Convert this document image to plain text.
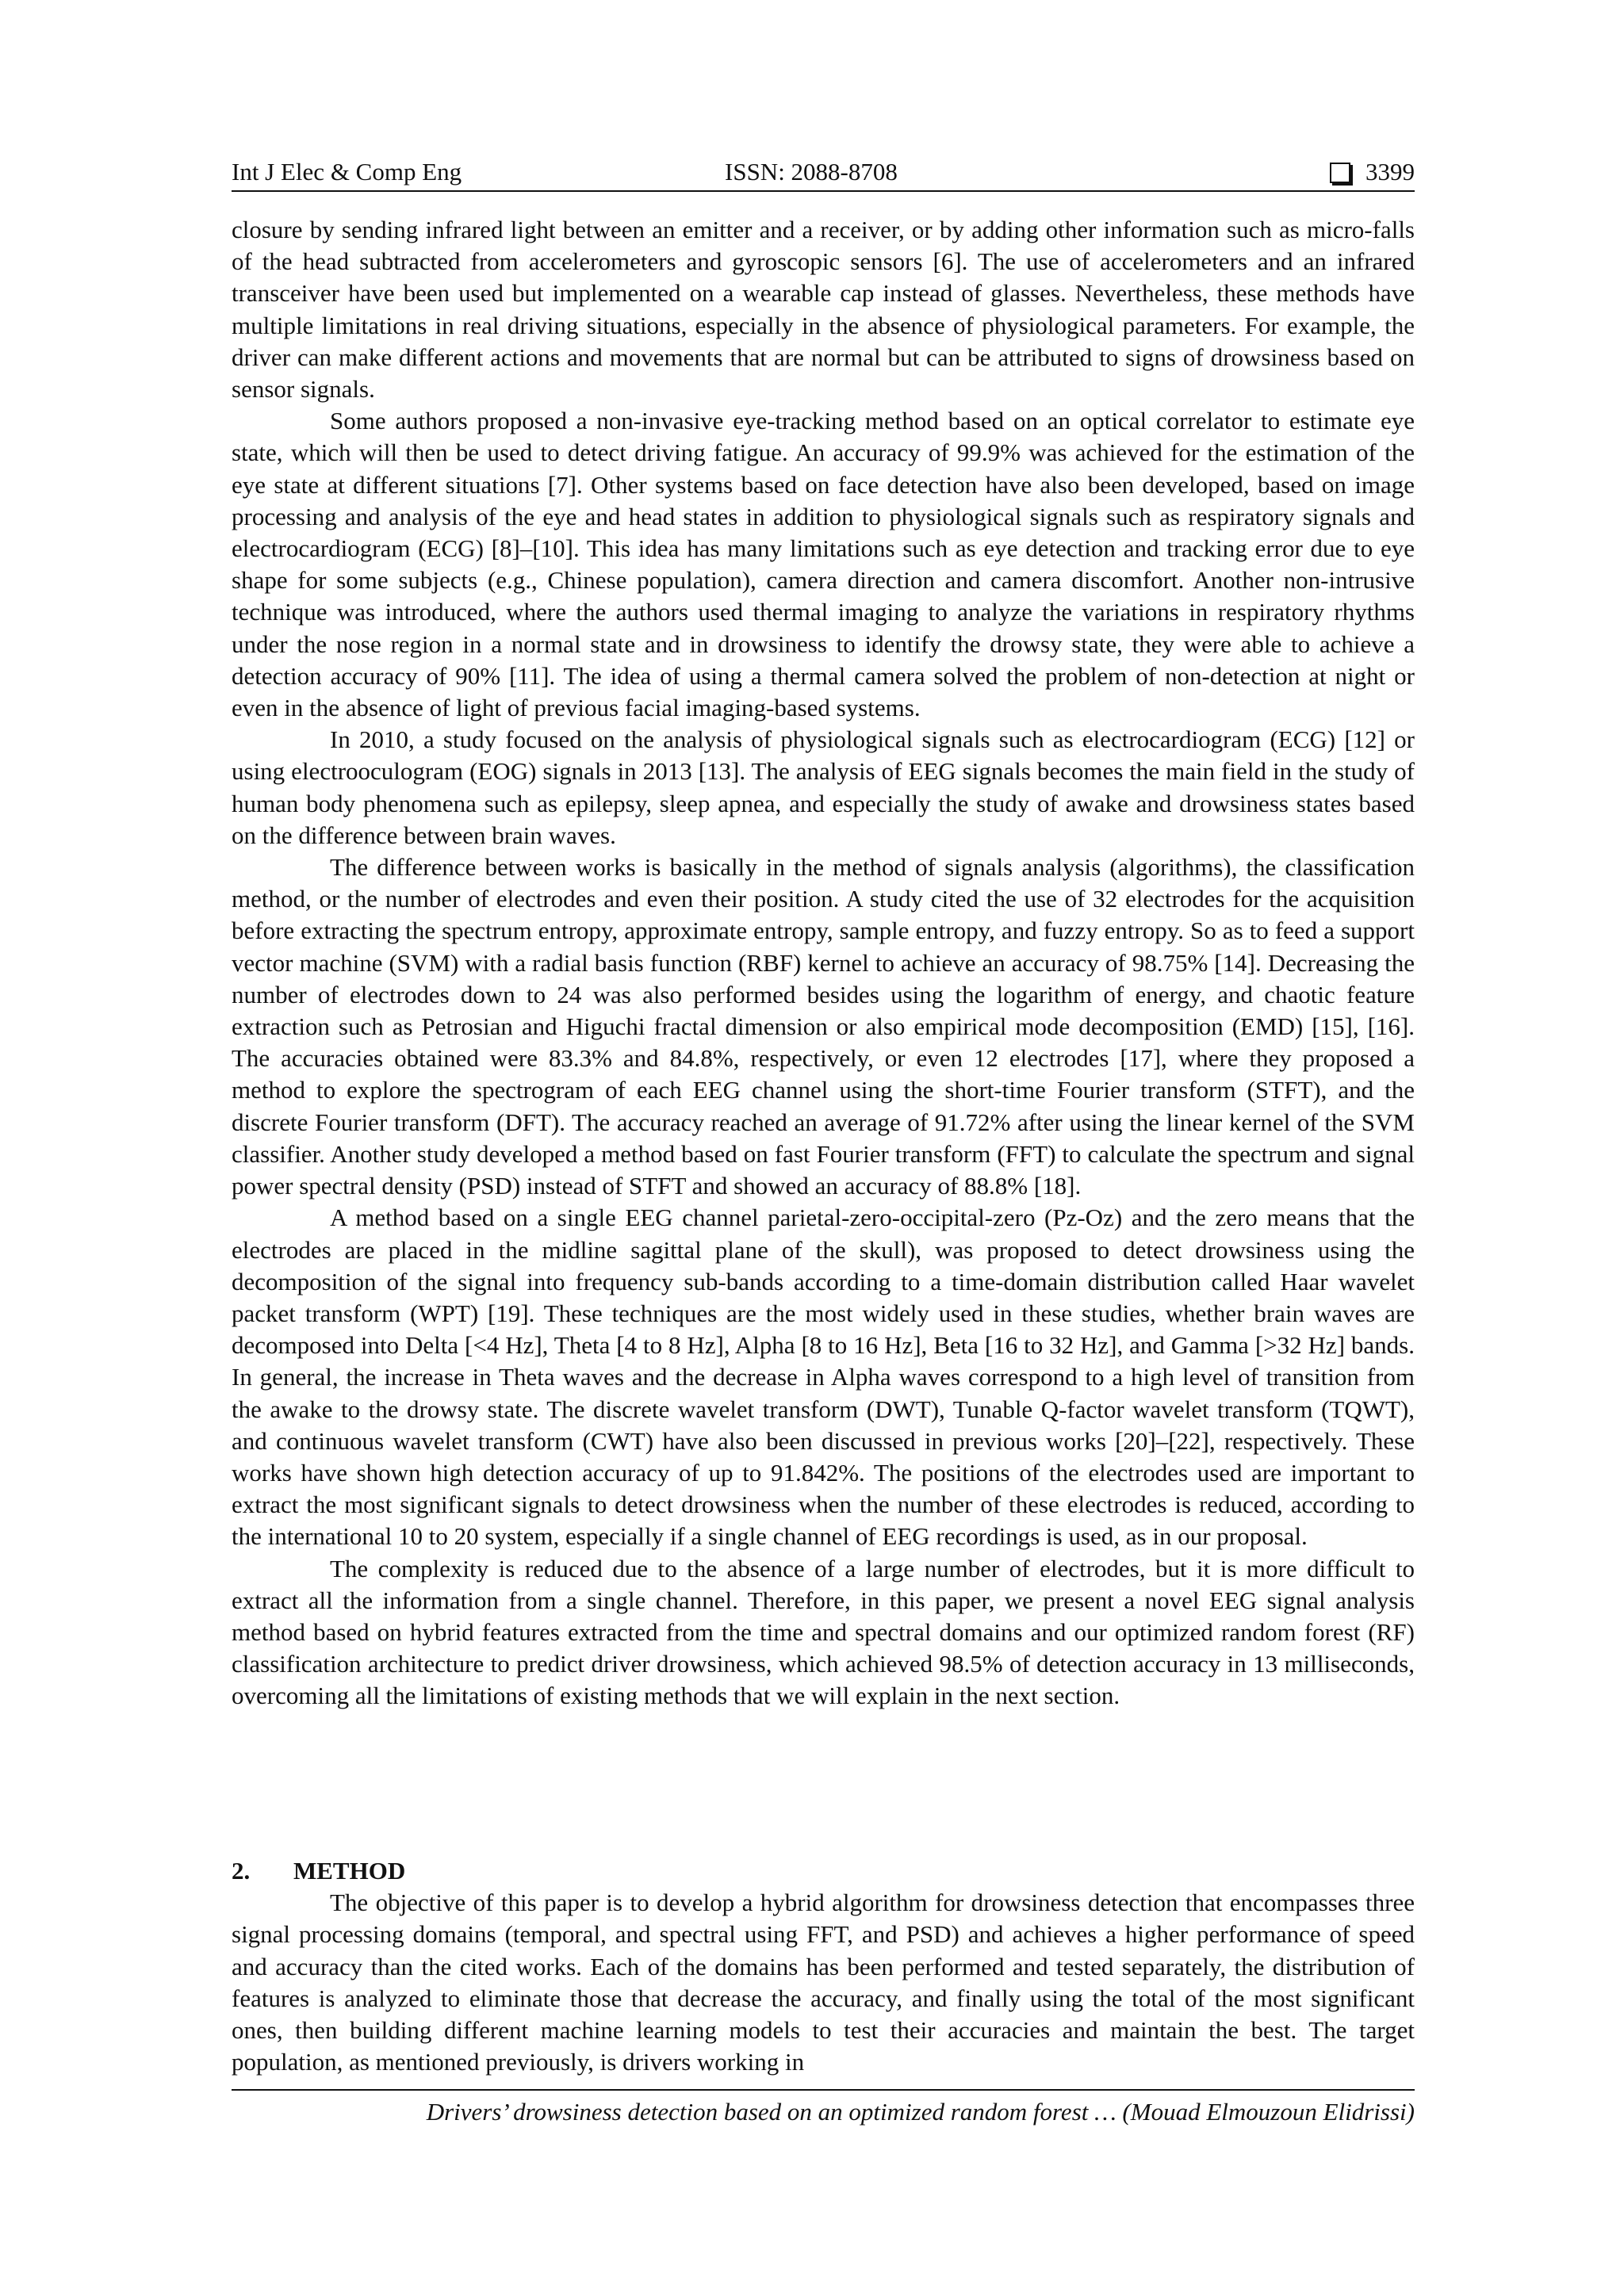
Int J Elec & Comp Eng	ISSN: 2088-8708	3399

closure by sending infrared light between an emitter and a receiver, or by adding other information such as micro-falls of the head subtracted from accelerometers and gyroscopic sensors [6]. The use of accelerometers and an infrared transceiver have been used but implemented on a wearable cap instead of glasses. Nevertheless, these methods have multiple limitations in real driving situations, especially in the absence of physiological parameters. For example, the driver can make different actions and movements that are normal but can be attributed to signs of drowsiness based on sensor signals.

Some authors proposed a non-invasive eye-tracking method based on an optical correlator to estimate eye state, which will then be used to detect driving fatigue. An accuracy of 99.9% was achieved for the estimation of the eye state at different situations [7]. Other systems based on face detection have also been developed, based on image processing and analysis of the eye and head states in addition to physiological signals such as respiratory signals and electrocardiogram (ECG) [8]–[10]. This idea has many limitations such as eye detection and tracking error due to eye shape for some subjects (e.g., Chinese population), camera direction and camera discomfort. Another non-intrusive technique was introduced, where the authors used thermal imaging to analyze the variations in respiratory rhythms under the nose region in a normal state and in drowsiness to identify the drowsy state, they were able to achieve a detection accuracy of 90% [11]. The idea of using a thermal camera solved the problem of non-detection at night or even in the absence of light of previous facial imaging-based systems.

In 2010, a study focused on the analysis of physiological signals such as electrocardiogram (ECG) [12] or using electrooculogram (EOG) signals in 2013 [13]. The analysis of EEG signals becomes the main field in the study of human body phenomena such as epilepsy, sleep apnea, and especially the study of awake and drowsiness states based on the difference between brain waves.

The difference between works is basically in the method of signals analysis (algorithms), the classification method, or the number of electrodes and even their position. A study cited the use of 32 electrodes for the acquisition before extracting the spectrum entropy, approximate entropy, sample entropy, and fuzzy entropy. So as to feed a support vector machine (SVM) with a radial basis function (RBF) kernel to achieve an accuracy of 98.75% [14]. Decreasing the number of electrodes down to 24 was also performed besides using the logarithm of energy, and chaotic feature extraction such as Petrosian and Higuchi fractal dimension or also empirical mode decomposition (EMD) [15], [16]. The accuracies obtained were 83.3% and 84.8%, respectively, or even 12 electrodes [17], where they proposed a method to explore the spectrogram of each EEG channel using the short-time Fourier transform (STFT), and the discrete Fourier transform (DFT). The accuracy reached an average of 91.72% after using the linear kernel of the SVM classifier. Another study developed a method based on fast Fourier transform (FFT) to calculate the spectrum and signal power spectral density (PSD) instead of STFT and showed an accuracy of 88.8% [18].

A method based on a single EEG channel parietal-zero-occipital-zero (Pz-Oz) and the zero means that the electrodes are placed in the midline sagittal plane of the skull), was proposed to detect drowsiness using the decomposition of the signal into frequency sub-bands according to a time-domain distribution called Haar wavelet packet transform (WPT) [19]. These techniques are the most widely used in these studies, whether brain waves are decomposed into Delta [<4 Hz], Theta [4 to 8 Hz], Alpha [8 to 16 Hz], Beta [16 to 32 Hz], and Gamma [>32 Hz] bands. In general, the increase in Theta waves and the decrease in Alpha waves correspond to a high level of transition from the awake to the drowsy state. The discrete wavelet transform (DWT), Tunable Q-factor wavelet transform (TQWT), and continuous wavelet transform (CWT) have also been discussed in previous works [20]–[22], respectively. These works have shown high detection accuracy of up to 91.842%. The positions of the electrodes used are important to extract the most significant signals to detect drowsiness when the number of these electrodes is reduced, according to the international 10 to 20 system, especially if a single channel of EEG recordings is used, as in our proposal.

The complexity is reduced due to the absence of a large number of electrodes, but it is more difficult to extract all the information from a single channel. Therefore, in this paper, we present a novel EEG signal analysis method based on hybrid features extracted from the time and spectral domains and our optimized random forest (RF) classification architecture to predict driver drowsiness, which achieved 98.5% of detection accuracy in 13 milliseconds, overcoming all the limitations of existing methods that we will explain in the next section.

2.	METHOD

The objective of this paper is to develop a hybrid algorithm for drowsiness detection that encompasses three signal processing domains (temporal, and spectral using FFT, and PSD) and achieves a higher performance of speed and accuracy than the cited works. Each of the domains has been performed and tested separately, the distribution of features is analyzed to eliminate those that decrease the accuracy, and finally using the total of the most significant ones, then building different machine learning models to test their accuracies and maintain the best. The target population, as mentioned previously, is drivers working in

Drivers’ drowsiness detection based on an optimized random forest … (Mouad Elmouzoun Elidrissi)
